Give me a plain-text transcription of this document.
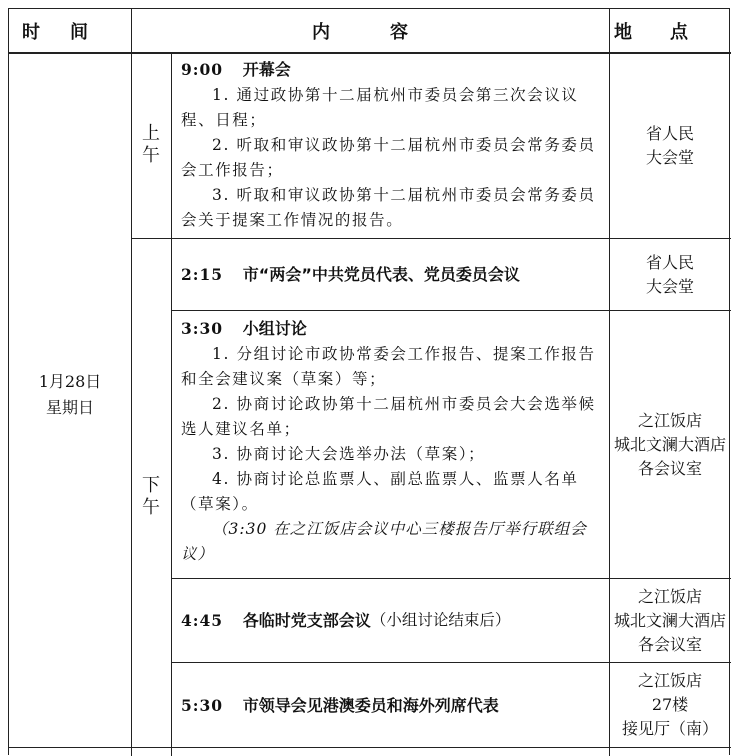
时间	内容	地点
1月28日
星期日
上午
下午
9:00 开幕会
1. 通过政协第十二届杭州市委员会第三次会议议程、日程；
2. 听取和审议政协第十二届杭州市委员会常务委员会工作报告；
3. 听取和审议政协第十二届杭州市委员会常务委员会关于提案工作情况的报告。
省人民
大会堂
2:15
市“两会”中共党员代表、党员委员会议
省人民
大会堂
3:30 小组讨论
1. 分组讨论市政协常委会工作报告、提案工作报告和全会建议案（草案）等；
2. 协商讨论政协第十二届杭州市委员会大会选举候选人建议名单；
3. 协商讨论大会选举办法（草案）；
4. 协商讨论总监票人、副总监票人、监票人名单（草案）。
（3:30 在之江饭店会议中心三楼报告厅举行联组会议）
之江饭店
城北文澜大酒店
各会议室
4:45
各临时党支部会议 （小组讨论结束后）
之江饭店
城北文澜大酒店
各会议室
5:30
市领导会见港澳委员和海外列席代表
之江饭店
27楼
接见厅（南）
